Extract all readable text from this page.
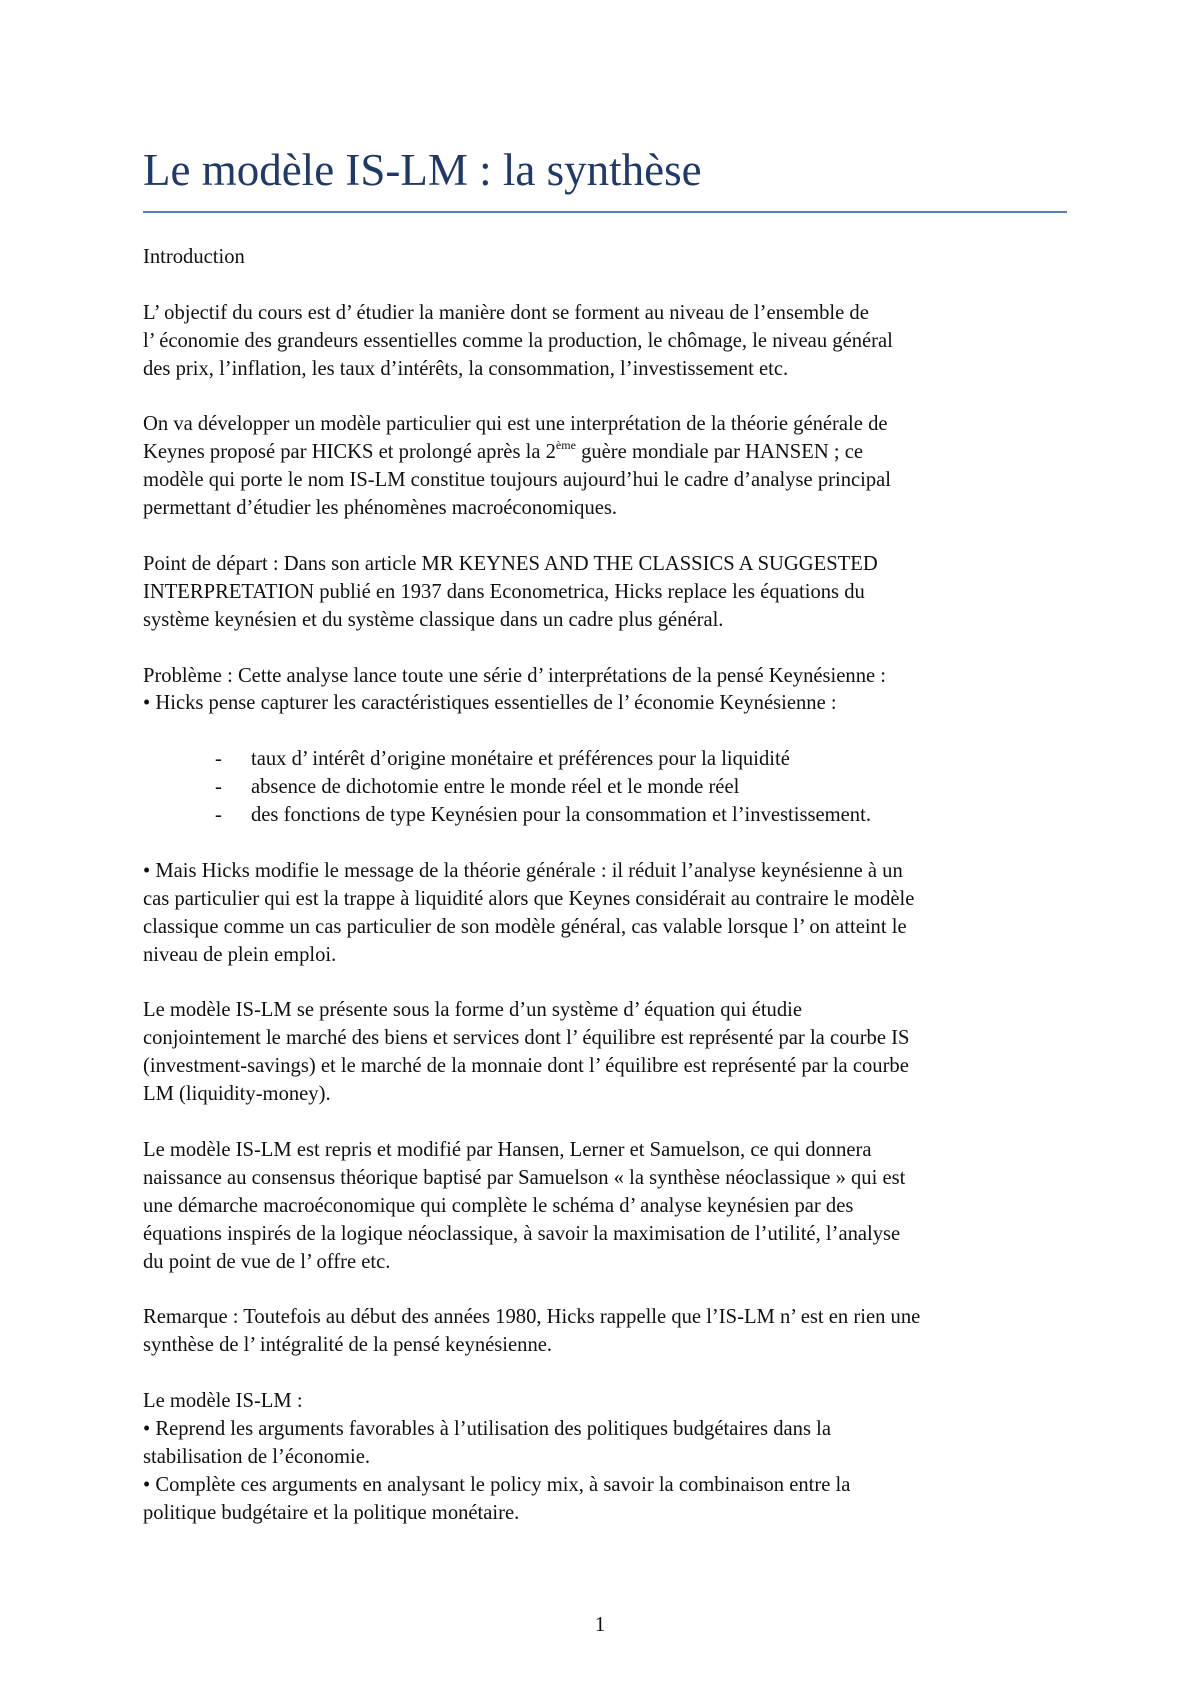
Le modèle IS-LM : la synthèse

Introduction

L’ objectif du cours est d’ étudier la manière dont se forment au niveau de l’ensemble de
l’ économie des grandeurs essentielles comme la production, le chômage, le niveau général
des prix, l’inflation, les taux d’intérêts, la consommation, l’investissement etc.

On va développer un modèle particulier qui est une interprétation de la théorie générale de
Keynes proposé par HICKS et prolongé après la 2ème guère mondiale par HANSEN ; ce
modèle qui porte le nom IS-LM constitue toujours aujourd’hui le cadre d’analyse principal
permettant d’étudier les phénomènes macroéconomiques.

Point de départ : Dans son article MR KEYNES AND THE CLASSICS A SUGGESTED
INTERPRETATION publié en 1937 dans Econometrica, Hicks replace les équations du
système keynésien et du système classique dans un cadre plus général.

Problème : Cette analyse lance toute une série d’ interprétations de la pensé Keynésienne :
• Hicks pense capturer les caractéristiques essentielles de l’ économie Keynésienne :

- taux d’ intérêt d’origine monétaire et préférences pour la liquidité
- absence de dichotomie entre le monde réel et le monde réel
- des fonctions de type Keynésien pour la consommation et l’investissement.

• Mais Hicks modifie le message de la théorie générale : il réduit l’analyse keynésienne à un
cas particulier qui est la trappe à liquidité alors que Keynes considérait au contraire le modèle
classique comme un cas particulier de son modèle général, cas valable lorsque l’ on atteint le
niveau de plein emploi.

Le modèle IS-LM se présente sous la forme d’un système d’ équation qui étudie
conjointement le marché des biens et services dont l’ équilibre est représenté par la courbe IS
(investment-savings) et le marché de la monnaie dont l’ équilibre est représenté par la courbe
LM (liquidity-money).

Le modèle IS-LM est repris et modifié par Hansen, Lerner et Samuelson, ce qui donnera
naissance au consensus théorique baptisé par Samuelson « la synthèse néoclassique » qui est
une démarche macroéconomique qui complète le schéma d’ analyse keynésien par des
équations inspirés de la logique néoclassique, à savoir la maximisation de l’utilité, l’analyse
du point de vue de l’ offre etc.

Remarque : Toutefois au début des années 1980, Hicks rappelle que l’IS-LM n’ est en rien une
synthèse de l’ intégralité de la pensé keynésienne.

Le modèle IS-LM :
• Reprend les arguments favorables à l’utilisation des politiques budgétaires dans la
stabilisation de l’économie.
• Complète ces arguments en analysant le policy mix, à savoir la combinaison entre la
politique budgétaire et la politique monétaire.

1
